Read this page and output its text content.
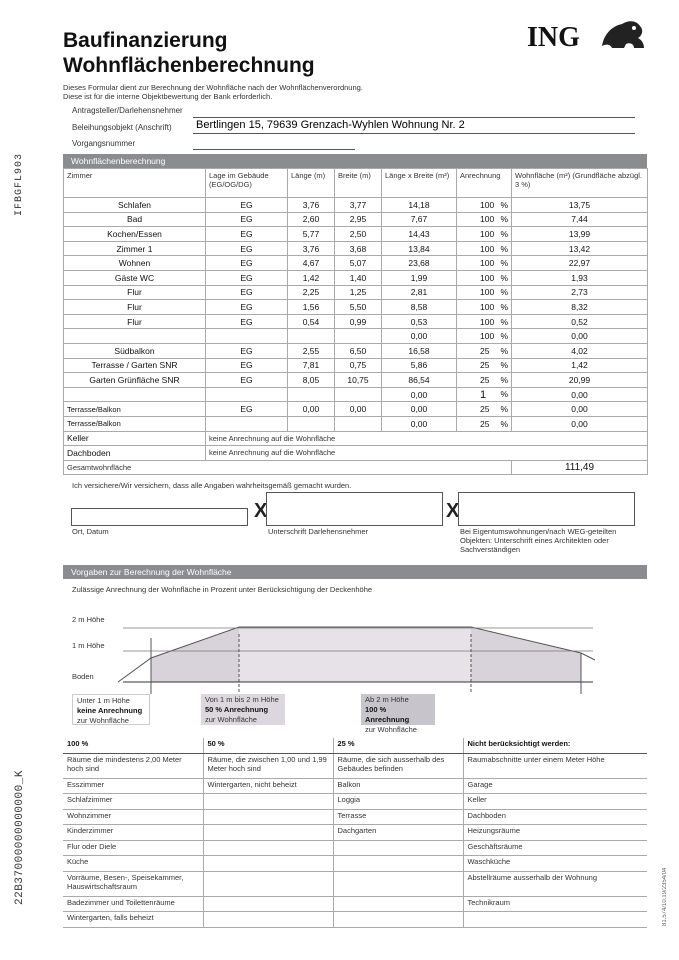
Baufinanzierung
Wohnflächenberechnung
ING
Dieses Formular dient zur Berechnung der Wohnfläche nach der Wohnflächenverordnung.
Diese ist für die interne Objektbewertung der Bank erforderlich.
IFBGFL903
22B37000000000000_K	81.574/10.19/2354/04
Antragsteller/Darlehensnehmer
Beleihungsobjekt (Anschrift) Bertlingen 15, 79639 Grenzach-Wyhlen Wohnung Nr. 2
Vorgangsnummer
Wohnflächenberechnung
Zimmer	Lage im Gebäude (EG/OG/DG)	Länge (m)	Breite (m)	Länge x Breite (m²)	Anrechnung	Wohnfläche (m²) (Grundfläche abzügl. 3 %)
Schlafen	EG	3,76	3,77	14,18	100 %	13,75
Bad	EG	2,60	2,95	7,67	100 %	7,44
Kochen/Essen	EG	5,77	2,50	14,43	100 %	13,99
Zimmer 1	EG	3,76	3,68	13,84	100 %	13,42
Wohnen	EG	4,67	5,07	23,68	100 %	22,97
Gäste WC	EG	1,42	1,40	1,99	100 %	1,93
Flur	EG	2,25	1,25	2,81	100 %	2,73
Flur	EG	1,56	5,50	8,58	100 %	8,32
Flur	EG	0,54	0,99	0,53	100 %	0,52
				0,00	100 %	0,00
Südbalkon	EG	2,55	6,50	16,58	25 %	4,02
Terrasse / Garten SNR	EG	7,81	0,75	5,86	25 %	1,42
Garten Grünfläche SNR	EG	8,05	10,75	86,54	25 %	20,99
				0,00	1 %	0,00
Terrasse/Balkon	EG	0,00	0,00	0,00	25 %	0,00
Terrasse/Balkon				0,00	25 %	0,00
Keller	keine Anrechnung auf die Wohnfläche					
Dachboden	keine Anrechnung auf die Wohnfläche					
Gesamtwohnfläche						111,49
Ich versichere/Wir versichern, dass alle Angaben wahrheitsgemäß gemacht wurden.
X	X
Ort, Datum	Unterschrift Darlehensnehmer	Bei Eigentumswohnungen/nach WEG-geteilten
Objekten: Unterschrift eines Architekten oder
Sachverständigen
Vorgaben zur Berechnung der Wohnfläche
Zulässige Anrechnung der Wohnfläche in Prozent unter Berücksichtigung der Deckenhöhe
2 m Höhe
1 m Höhe
Boden
Unter 1 m Höhe
keine Anrechnung
zur Wohnfläche
Von 1 m bis 2 m Höhe
50 % Anrechnung
zur Wohnfläche
Ab 2 m Höhe
100 % Anrechnung
zur Wohnfläche
100 %	50 %	25 %	Nicht berücksichtigt werden:
Räume die mindestens 2,00 Meter hoch sind	Räume, die zwischen 1,00 und 1,99 Meter hoch sind	Räume, die sich ausserhalb des Gebäudes befinden	Raumabschnitte unter einem Meter Höhe
Esszimmer	Wintergarten, nicht beheizt	Balkon	Garage
Schlafzimmer		Loggia	Keller
Wohnzimmer		Terrasse	Dachboden
Kinderzimmer		Dachgarten	Heizungsräume
Flur oder Diele			Geschäftsräume
Küche			Waschküche
Vorräume, Besen-, Speisekammer, Hauswirtschaftsraum			Abstellräume ausserhalb der Wohnung
Badezimmer und Toilettenräume			Technikraum
Wintergarten, falls beheizt			
